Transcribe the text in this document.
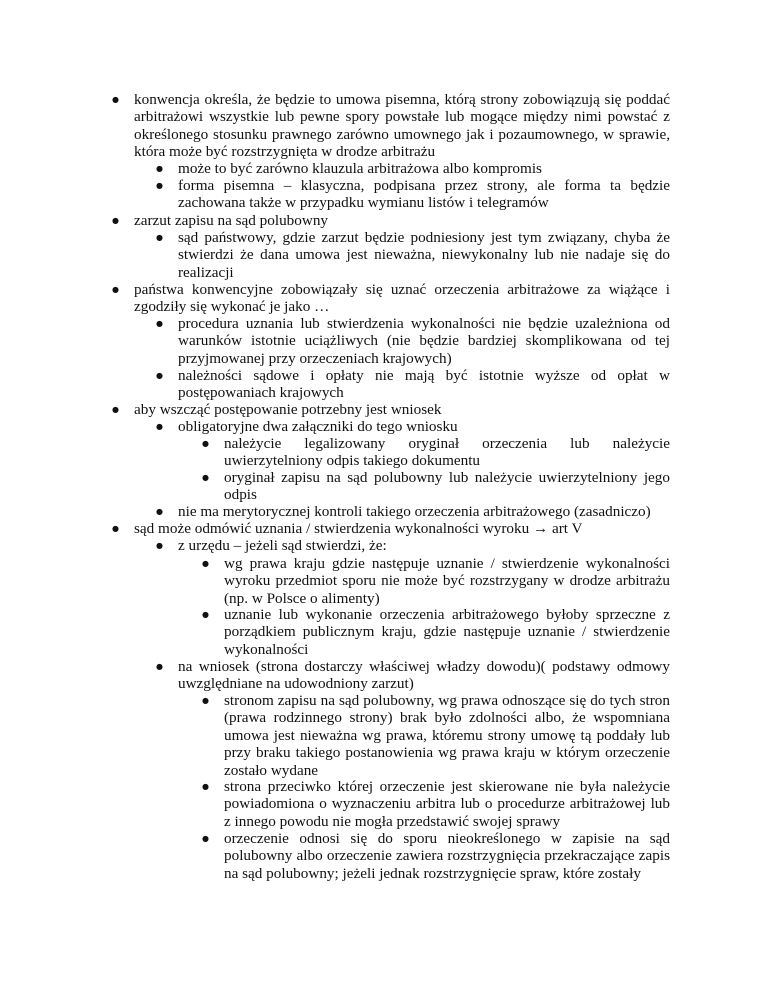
● konwencja określa, że będzie to umowa pisemna, którą strony zobowiązują się poddać arbitrażowi wszystkie lub pewne spory powstałe lub mogące między nimi powstać z określonego stosunku prawnego zarówno umownego jak i pozaumownego, w sprawie, która może być rozstrzygnięta w drodze arbitrażu
● może to być zarówno klauzula arbitrażowa albo kompromis
● forma pisemna – klasyczna, podpisana przez strony, ale forma ta będzie zachowana także w przypadku wymianu listów i telegramów
● zarzut zapisu na sąd polubowny
● sąd państwowy, gdzie zarzut będzie podniesiony jest tym związany, chyba że stwierdzi że dana umowa jest nieważna, niewykonalny lub nie nadaje się do realizacji
● państwa konwencyjne zobowiązały się uznać orzeczenia arbitrażowe za wiążące i zgodziły się wykonać je jako …
● procedura uznania lub stwierdzenia wykonalności nie będzie uzależniona od warunków istotnie uciążliwych (nie będzie bardziej skomplikowana od tej przyjmowanej przy orzeczeniach krajowych)
● należności sądowe i opłaty nie mają być istotnie wyższe od opłat w postępowaniach krajowych
● aby wszcząć postępowanie potrzebny jest wniosek
● obligatoryjne dwa załączniki do tego wniosku
● należycie legalizowany oryginał orzeczenia lub należycie uwierzytelniony odpis takiego dokumentu
● oryginał zapisu na sąd polubowny lub należycie uwierzytelniony jego odpis
● nie ma merytorycznej kontroli takiego orzeczenia arbitrażowego (zasadniczo)
● sąd może odmówić uznania / stwierdzenia wykonalności wyroku → art V
● z urzędu – jeżeli sąd stwierdzi, że:
● wg prawa kraju gdzie następuje uznanie / stwierdzenie wykonalności wyroku przedmiot sporu nie może być rozstrzygany w drodze arbitrażu (np. w Polsce o alimenty)
● uznanie lub wykonanie orzeczenia arbitrażowego byłoby sprzeczne z porządkiem publicznym kraju, gdzie następuje uznanie / stwierdzenie wykonalności
● na wniosek (strona dostarczy właściwej władzy dowodu)( podstawy odmowy uwzględniane na udowodniony zarzut)
● stronom zapisu na sąd polubowny, wg prawa odnoszące się do tych stron (prawa rodzinnego strony) brak było zdolności albo, że wspomniana umowa jest nieważna wg prawa, któremu strony umowę tą poddały lub przy braku takiego postanowienia wg prawa kraju w którym orzeczenie zostało wydane
● strona przeciwko której orzeczenie jest skierowane nie była należycie powiadomiona o wyznaczeniu arbitra lub o procedurze arbitrażowej lub z innego powodu nie mogła przedstawić swojej sprawy
● orzeczenie odnosi się do sporu nieokreślonego w zapisie na sąd polubowny albo orzeczenie zawiera rozstrzygnięcia przekraczające zapis na sąd polubowny; jeżeli jednak rozstrzygnięcie spraw, które zostały
